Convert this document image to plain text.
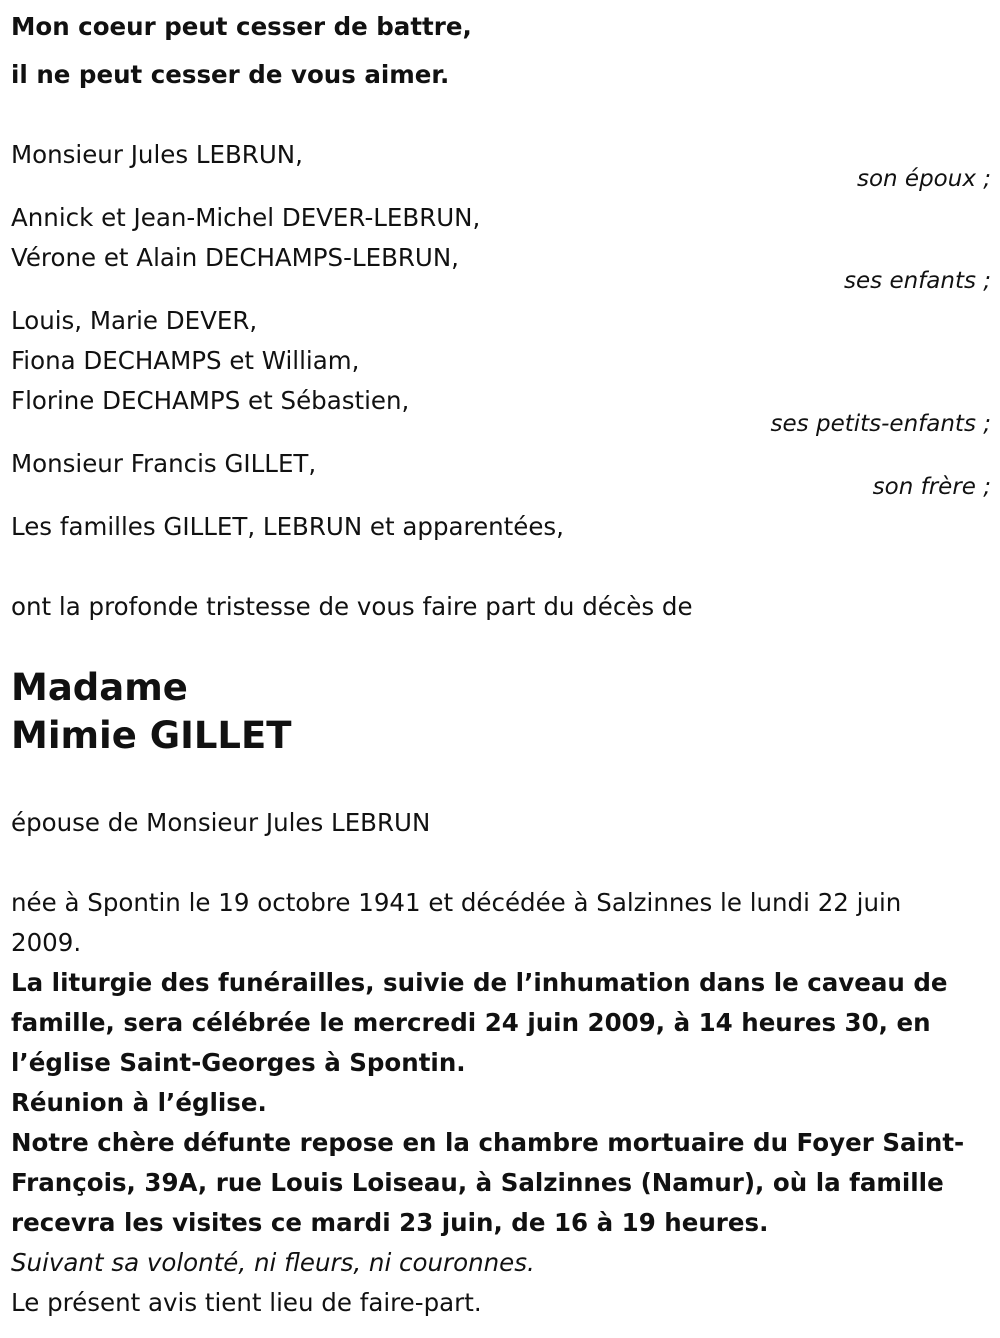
Mon coeur peut cesser de battre,
il ne peut cesser de vous aimer.
Monsieur Jules LEBRUN,
son époux ;
Annick et Jean-Michel DEVER-LEBRUN,
Vérone et Alain DECHAMPS-LEBRUN,
ses enfants ;
Louis, Marie DEVER,
Fiona DECHAMPS et William,
Florine DECHAMPS et Sébastien,
ses petits-enfants ;
Monsieur Francis GILLET,
son frère ;
Les familles GILLET, LEBRUN et apparentées,
ont la profonde tristesse de vous faire part du décès de
Madame
Mimie GILLET
épouse de Monsieur Jules LEBRUN
née à Spontin le 19 octobre 1941 et décédée à Salzinnes le lundi 22 juin
2009.
La liturgie des funérailles, suivie de l’inhumation dans le caveau de
famille, sera célébrée le mercredi 24 juin 2009, à 14 heures 30, en
l’église Saint-Georges à Spontin.
Réunion à l’église.
Notre chère défunte repose en la chambre mortuaire du Foyer Saint-
François, 39A, rue Louis Loiseau, à Salzinnes (Namur), où la famille
recevra les visites ce mardi 23 juin, de 16 à 19 heures.
Suivant sa volonté, ni fleurs, ni couronnes.
Le présent avis tient lieu de faire-part.
